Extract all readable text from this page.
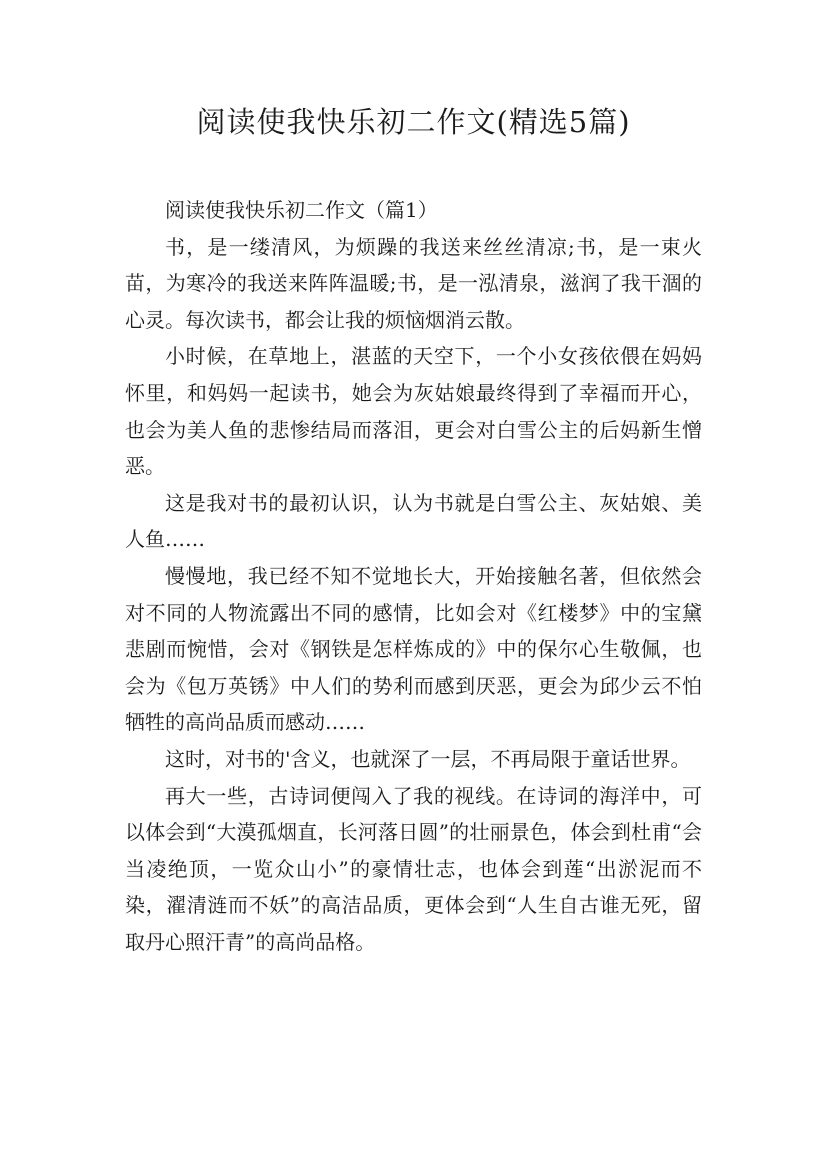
阅读使我快乐初二作文(精选5篇)

阅读使我快乐初二作文（篇1）

书，是一缕清风，为烦躁的我送来丝丝清凉;书，是一束火苗，为寒冷的我送来阵阵温暖;书，是一泓清泉，滋润了我干涸的心灵。每次读书，都会让我的烦恼烟消云散。

小时候，在草地上，湛蓝的天空下，一个小女孩依偎在妈妈怀里，和妈妈一起读书，她会为灰姑娘最终得到了幸福而开心，也会为美人鱼的悲惨结局而落泪，更会对白雪公主的后妈新生憎恶。

这是我对书的最初认识，认为书就是白雪公主、灰姑娘、美人鱼……

慢慢地，我已经不知不觉地长大，开始接触名著，但依然会对不同的人物流露出不同的感情，比如会对《红楼梦》中的宝黛悲剧而惋惜，会对《钢铁是怎样炼成的》中的保尔心生敬佩，也会为《包万英锈》中人们的势利而感到厌恶，更会为邱少云不怕牺牲的高尚品质而感动……

这时，对书的'含义，也就深了一层，不再局限于童话世界。

再大一些，古诗词便闯入了我的视线。在诗词的海洋中，可以体会到“大漠孤烟直，长河落日圆”的壮丽景色，体会到杜甫“会当凌绝顶，一览众山小”的豪情壮志，也体会到莲“出淤泥而不染，濯清涟而不妖”的高洁品质，更体会到“人生自古谁无死，留取丹心照汗青”的高尚品格。
